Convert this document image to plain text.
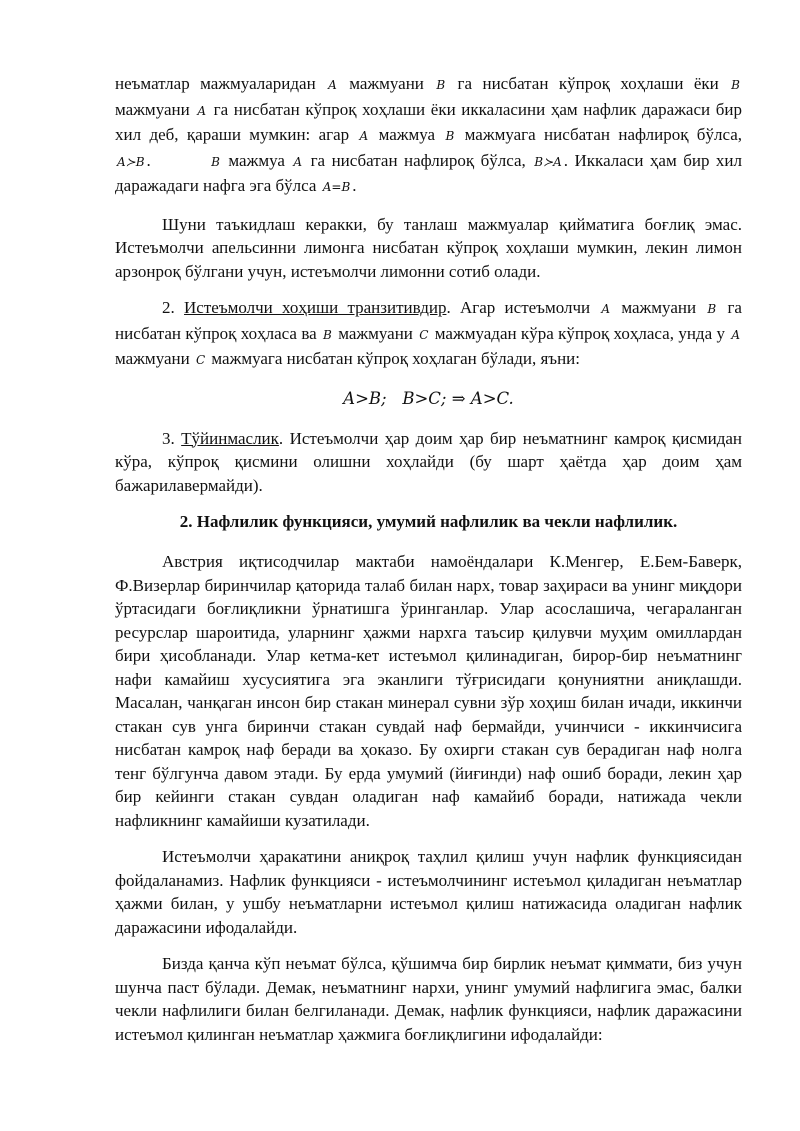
неъматлар мажмуаларидан A мажмуани B га нисбатан кўпроқ хоҳлаши ёки B мажмуани A га нисбатан кўпроқ хоҳлаши ёки иккаласини ҳам нафлик даражаси бир хил деб, қараши мумкин: агар A мажмуа B мажмуага нисбатан нафлироқ бўлса, A≻B .         B мажмуа A га нисбатан нафлироқ бўлса, B≻A . Иккаласи ҳам бир хил даражадаги нафга эга бўлса A=B .

Шуни таъкидлаш керакки, бу танлаш мажмуалар қийматига боғлиқ эмас. Истеъмолчи апельсинни лимонга нисбатан кўпроқ хоҳлаши мумкин, лекин лимон арзонроқ бўлгани учун, истеъмолчи лимонни сотиб олади.

2. Истеъмолчи хоҳиши транзитивдир. Агар истеъмолчи A мажмуани B га нисбатан кўпроқ хоҳласа ва B мажмуани C мажмуадан кўра кўпроқ хоҳласа, унда у A мажмуани C мажмуага нисбатан кўпроқ хоҳлаган бўлади, яъни:

A>B;   B>C; ⇒ A>C.

3. Тўйинмаслик. Истеъмолчи ҳар доим ҳар бир неъматнинг камроқ қисмидан кўра, кўпроқ қисмини олишни хоҳлайди (бу шарт ҳаётда ҳар доим ҳам бажарилавермайди).

2. Нафлилик функцияси, умумий нафлилик ва чекли нафлилик.

Австрия иқтисодчилар мактаби намоёндалари К.Менгер, Е.Бем-Баверк, Ф.Визерлар биринчилар қаторида талаб билан нарх, товар заҳираси ва унинг миқдори ўртасидаги боғлиқликни ўрнатишга ўринганлар. Улар асослашича, чегараланган ресурслар шароитида, уларнинг ҳажми нархга таъсир қилувчи муҳим омиллардан бири ҳисобланади. Улар кетма-кет истеъмол қилинадиган, бирор-бир неъматнинг нафи камайиш хусусиятига эга эканлиги тўғрисидаги қонуниятни аниқлашди. Масалан, чанқаган инсон бир стакан минерал сувни зўр хоҳиш билан ичади, иккинчи стакан сув унга биринчи стакан сувдай наф бермайди, учинчиси - иккинчисига нисбатан камроқ наф беради ва ҳоказо. Бу охирги стакан сув берадиган наф нолга тенг бўлгунча давом этади. Бу ерда умумий (йиғинди) наф ошиб боради, лекин ҳар бир кейинги стакан сувдан оладиган наф камайиб боради, натижада чекли нафликнинг камайиши кузатилади.

Истеъмолчи ҳаракатини аниқроқ таҳлил қилиш учун нафлик функциясидан фойдаланамиз. Нафлик функцияси - истеъмолчининг истеъмол қиладиган неъматлар ҳажми билан, у ушбу неъматларни истеъмол қилиш натижасида оладиган нафлик даражасини ифодалайди.

Бизда қанча кўп неъмат бўлса, қўшимча бир бирлик неъмат қиммати, биз учун шунча паст бўлади. Демак, неъматнинг нархи, унинг умумий нафлигига эмас, балки чекли нафлилиги билан белгиланади. Демак, нафлик функцияси, нафлик даражасини истеъмол қилинган неъматлар ҳажмига боғлиқлигини ифодалайди:
